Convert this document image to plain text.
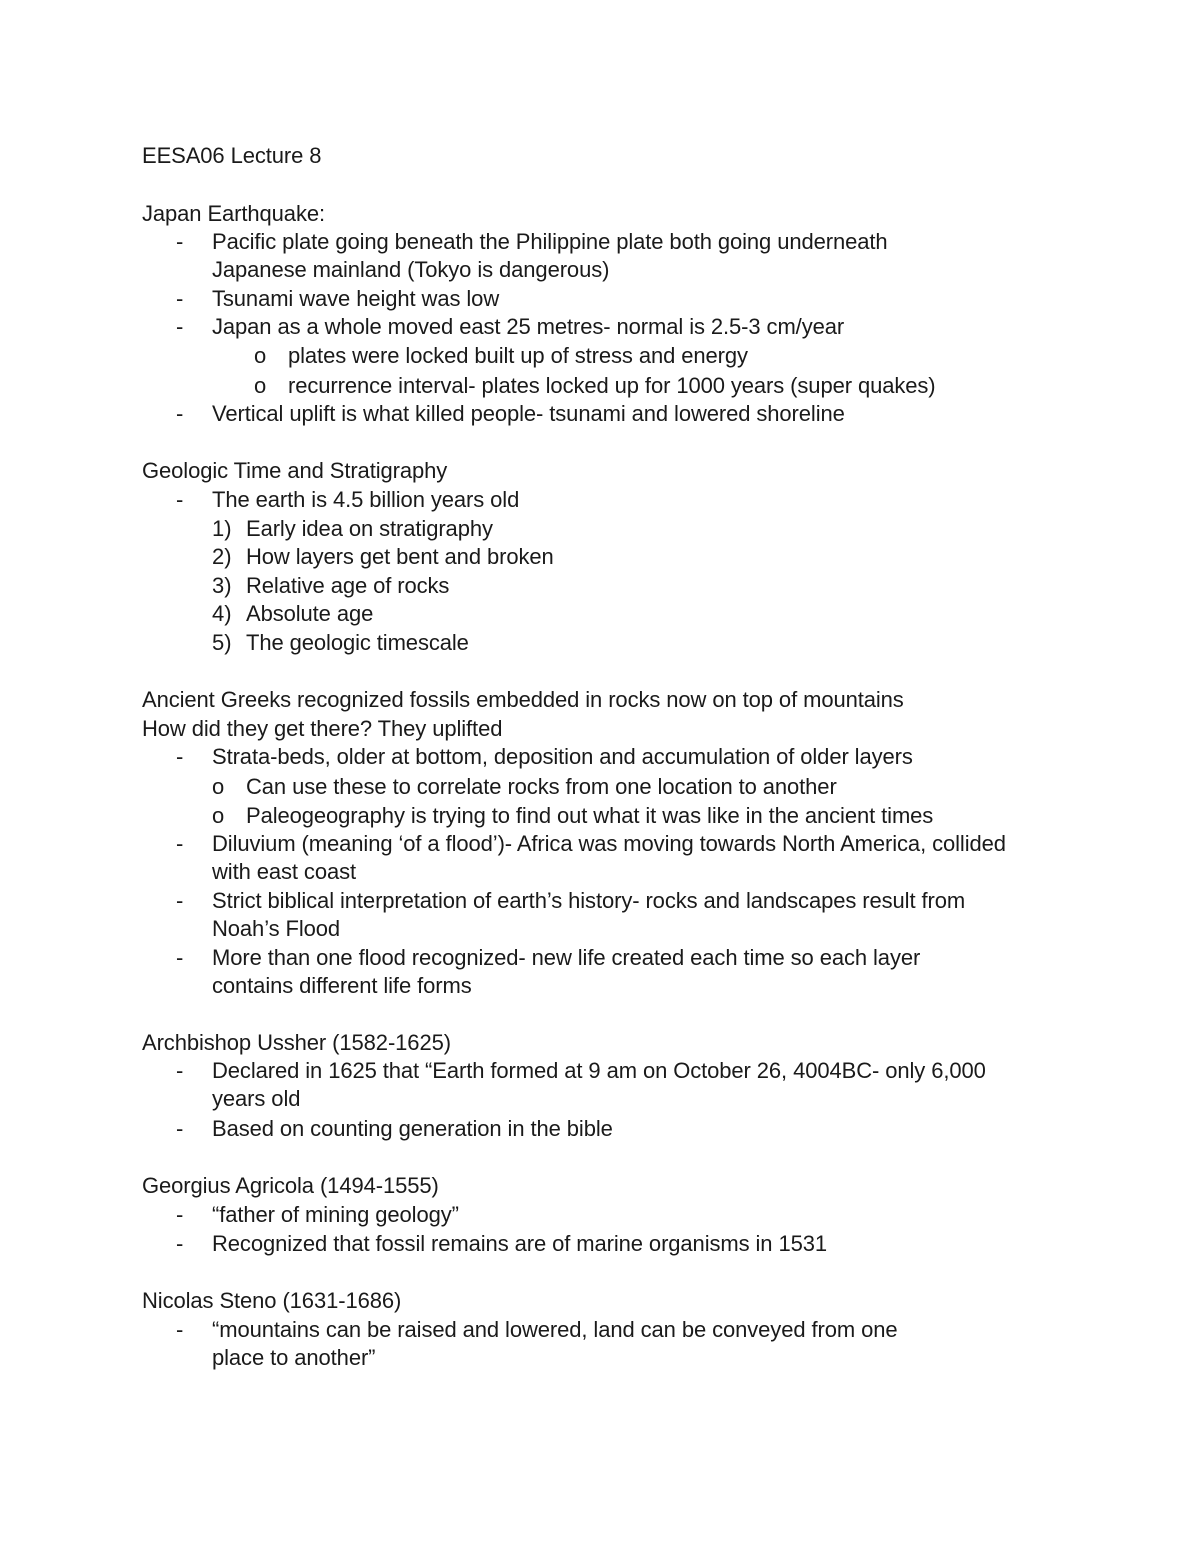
EESA06 Lecture 8
Japan Earthquake:
- Pacific plate going beneath the Philippine plate both going underneath
Japanese mainland (Tokyo is dangerous)
- Tsunami wave height was low
- Japan as a whole moved east 25 metres- normal is 2.5-3 cm/year
o plates were locked built up of stress and energy
o recurrence interval- plates locked up for 1000 years (super quakes)
- Vertical uplift is what killed people- tsunami and lowered shoreline
Geologic Time and Stratigraphy
- The earth is 4.5 billion years old
1) Early idea on stratigraphy
2) How layers get bent and broken
3) Relative age of rocks
4) Absolute age
5) The geologic timescale
Ancient Greeks recognized fossils embedded in rocks now on top of mountains
How did they get there? They uplifted
- Strata-beds, older at bottom, deposition and accumulation of older layers
o Can use these to correlate rocks from one location to another
o Paleogeography is trying to find out what it was like in the ancient times
- Diluvium (meaning ‘of a flood’)- Africa was moving towards North America, collided
with east coast
- Strict biblical interpretation of earth’s history- rocks and landscapes result from
Noah’s Flood
- More than one flood recognized- new life created each time so each layer
contains different life forms
Archbishop Ussher (1582-1625)
- Declared in 1625 that “Earth formed at 9 am on October 26, 4004BC- only 6,000
years old
- Based on counting generation in the bible
Georgius Agricola (1494-1555)
- “father of mining geology”
- Recognized that fossil remains are of marine organisms in 1531
Nicolas Steno (1631-1686)
- “mountains can be raised and lowered, land can be conveyed from one
place to another”
